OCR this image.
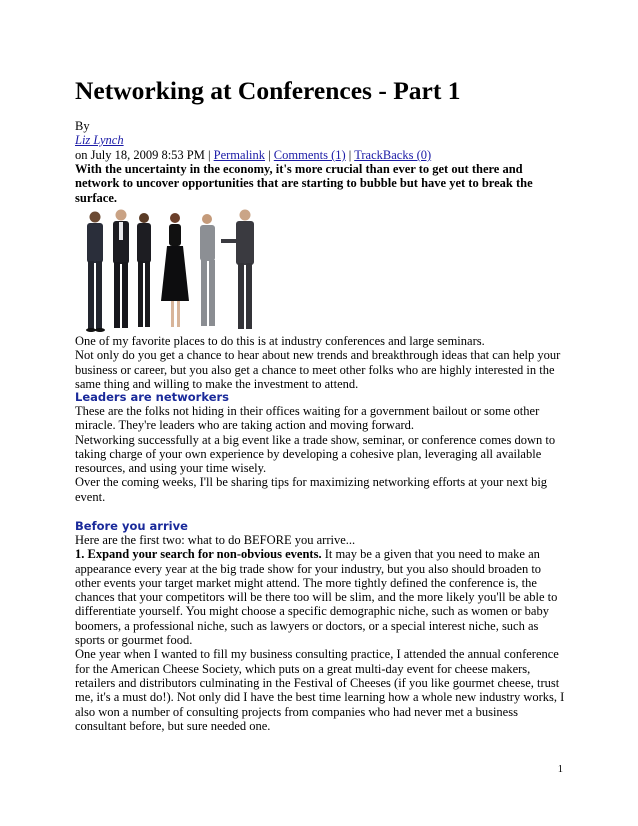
Networking at Conferences - Part 1
By
Liz Lynch
on July 18, 2009 8:53 PM | Permalink | Comments (1) | TrackBacks (0)
With the uncertainty in the economy, it's more crucial than ever to get out there and network to uncover opportunities that are starting to bubble but have yet to break the surface.

One of my favorite places to do this is at industry conferences and large seminars.

Not only do you get a chance to hear about new trends and breakthrough ideas that can help your business or career, but you also get a chance to meet other folks who are highly interested in the same thing and willing to make the investment to attend.

Leaders are networkers

These are the folks not hiding in their offices waiting for a government bailout or some other miracle. They're leaders who are taking action and moving forward.

Networking successfully at a big event like a trade show, seminar, or conference comes down to taking charge of your own experience by developing a cohesive plan, leveraging all available resources, and using your time wisely.

Over the coming weeks, I'll be sharing tips for maximizing networking efforts at your next big event.

Before you arrive

Here are the first two: what to do BEFORE you arrive...

1. Expand your search for non-obvious events. It may be a given that you need to make an appearance every year at the big trade show for your industry, but you also should broaden to other events your target market might attend. The more tightly defined the conference is, the chances that your competitors will be there too will be slim, and the more likely you'll be able to differentiate yourself. You might choose a specific demographic niche, such as women or baby boomers, a professional niche, such as lawyers or doctors, or a special interest niche, such as sports or gourmet food.

One year when I wanted to fill my business consulting practice, I attended the annual conference for the American Cheese Society, which puts on a great multi-day event for cheese makers, retailers and distributors culminating in the Festival of Cheeses (if you like gourmet cheese, trust me, it's a must do!). Not only did I have the best time learning how a whole new industry works, I also won a number of consulting projects from companies who had never met a business consultant before, but sure needed one.

1
